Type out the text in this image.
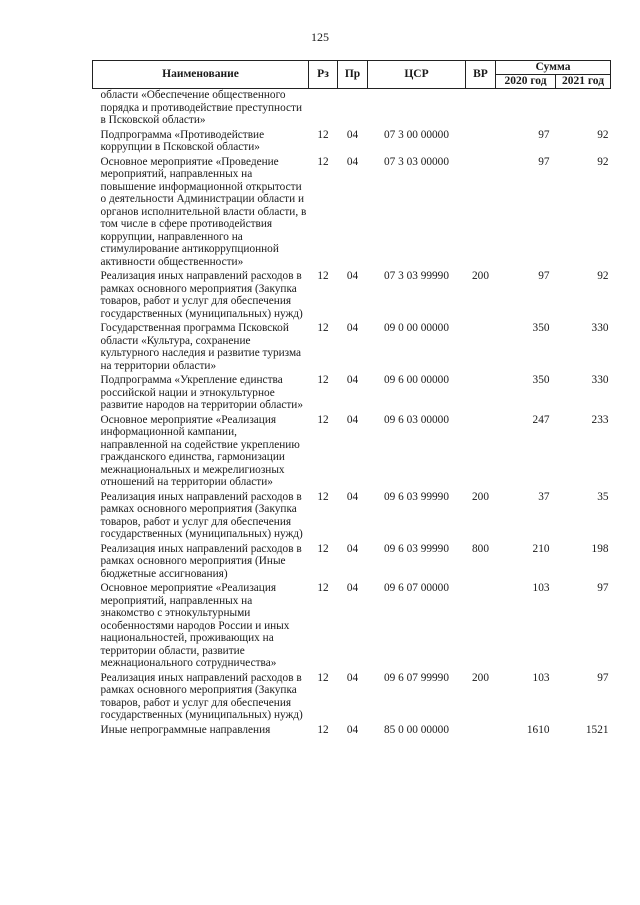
125
Наименование	Рз	Пр	ЦСР	ВР	Сумма	
					2020 год	2021 год
области «Обеспечение общественного порядка и противодействие преступности в Псковской области»						
Подпрограмма «Противодействие коррупции в Псковской области»	12	04	07 3 00 00000		97	92
Основное мероприятие «Проведение мероприятий, направленных на повышение информационной открытости о деятельности Администрации области и органов исполнительной власти области, в том числе в сфере противодействия коррупции, направленного на стимулирование антикоррупционной активности общественности»	12	04	07 3 03 00000		97	92
Реализация иных направлений расходов в рамках основного мероприятия (Закупка товаров, работ и услуг для обеспечения государственных (муниципальных) нужд)	12	04	07 3 03 99990	200	97	92
Государственная программа Псковской области «Культура, сохранение культурного наследия и развитие туризма на территории области»	12	04	09 0 00 00000		350	330
Подпрограмма «Укрепление единства российской нации и этнокультурное развитие народов на территории области»	12	04	09 6 00 00000		350	330
Основное мероприятие «Реализация информационной кампании, направленной на содействие укреплению гражданского единства, гармонизации межнациональных и межрелигиозных отношений на территории области»	12	04	09 6 03 00000		247	233
Реализация иных направлений расходов в рамках основного мероприятия (Закупка товаров, работ и услуг для обеспечения государственных (муниципальных) нужд)	12	04	09 6 03 99990	200	37	35
Реализация иных направлений расходов в рамках основного мероприятия (Иные бюджетные ассигнования)	12	04	09 6 03 99990	800	210	198
Основное мероприятие «Реализация мероприятий, направленных на знакомство с этнокультурными особенностями народов России и иных национальностей, проживающих на территории области, развитие межнационального сотрудничества»	12	04	09 6 07 00000		103	97
Реализация иных направлений расходов в рамках основного мероприятия (Закупка товаров, работ и услуг для обеспечения государственных (муниципальных) нужд)	12	04	09 6 07 99990	200	103	97
Иные непрограммные направления	12	04	85 0 00 00000		1610	1521
